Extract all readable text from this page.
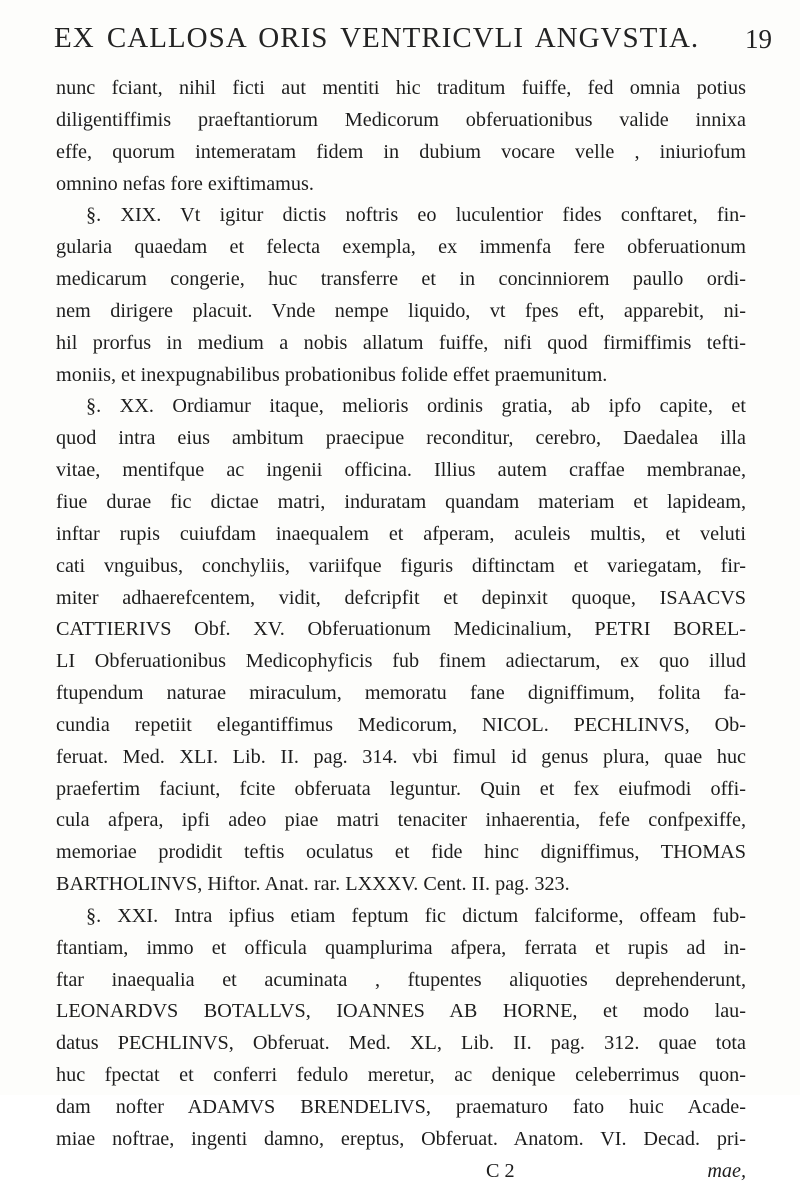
EX CALLOSA ORIS VENTRICVLI ANGVSTIA. 19
nunc fciant, nihil ficti aut mentiti hic traditum fuiffe, fed omnia potius
diligentiffimis praeftantiorum Medicorum obferuationibus valide innixa
effe, quorum intemeratam fidem in dubium vocare velle , iniuriofum
omnino nefas fore exiftimamus.
§. XIX. Vt igitur dictis noftris eo luculentior fides conftaret, fin-
gularia quaedam et felecta exempla, ex immenfa fere obferuationum
medicarum congerie, huc transferre et in concinniorem paullo ordi-
nem dirigere placuit. Vnde nempe liquido, vt fpes eft, apparebit, ni-
hil prorfus in medium a nobis allatum fuiffe, nifi quod firmiffimis tefti-
moniis, et inexpugnabilibus probationibus folide effet praemunitum.
§. XX. Ordiamur itaque, melioris ordinis gratia, ab ipfo capite, et
quod intra eius ambitum praecipue reconditur, cerebro, Daedalea illa
vitae, mentifque ac ingenii officina. Illius autem craffae membranae,
fiue durae fic dictae matri, induratam quandam materiam et lapideam,
inftar rupis cuiufdam inaequalem et afperam, aculeis multis, et veluti
cati vnguibus, conchyliis, variifque figuris diftinctam et variegatam, fir-
miter adhaerefcentem, vidit, defcripfit et depinxit quoque, ISAACVS
CATTIERIVS Obf. XV. Obferuationum Medicinalium, PETRI BOREL-
LI Obferuationibus Medicophyficis fub finem adiectarum, ex quo illud
ftupendum naturae miraculum, memoratu fane digniffimum, folita fa-
cundia repetiit elegantiffimus Medicorum, NICOL. PECHLINVS, Ob-
feruat. Med. XLI. Lib. II. pag. 314. vbi fimul id genus plura, quae huc
praefertim faciunt, fcite obferuata leguntur. Quin et fex eiufmodi offi-
cula afpera, ipfi adeo piae matri tenaciter inhaerentia, fefe confpexiffe,
memoriae prodidit teftis oculatus et fide hinc digniffimus, THOMAS
BARTHOLINVS, Hiftor. Anat. rar. LXXXV. Cent. II. pag. 323.
§. XXI. Intra ipfius etiam feptum fic dictum falciforme, offeam fub-
ftantiam, immo et officula quamplurima afpera, ferrata et rupis ad in-
ftar inaequalia et acuminata , ftupentes aliquoties deprehenderunt,
LEONARDVS BOTALLVS, IOANNES AB HORNE, et modo lau-
datus PECHLINVS, Obferuat. Med. XL, Lib. II. pag. 312. quae tota
huc fpectat et conferri fedulo meretur, ac denique celeberrimus quon-
dam nofter ADAMVS BRENDELIVS, praematuro fato huic Acade-
miae noftrae, ingenti damno, ereptus, Obferuat. Anatom. VI. Decad. pri-
C 2	mae,
